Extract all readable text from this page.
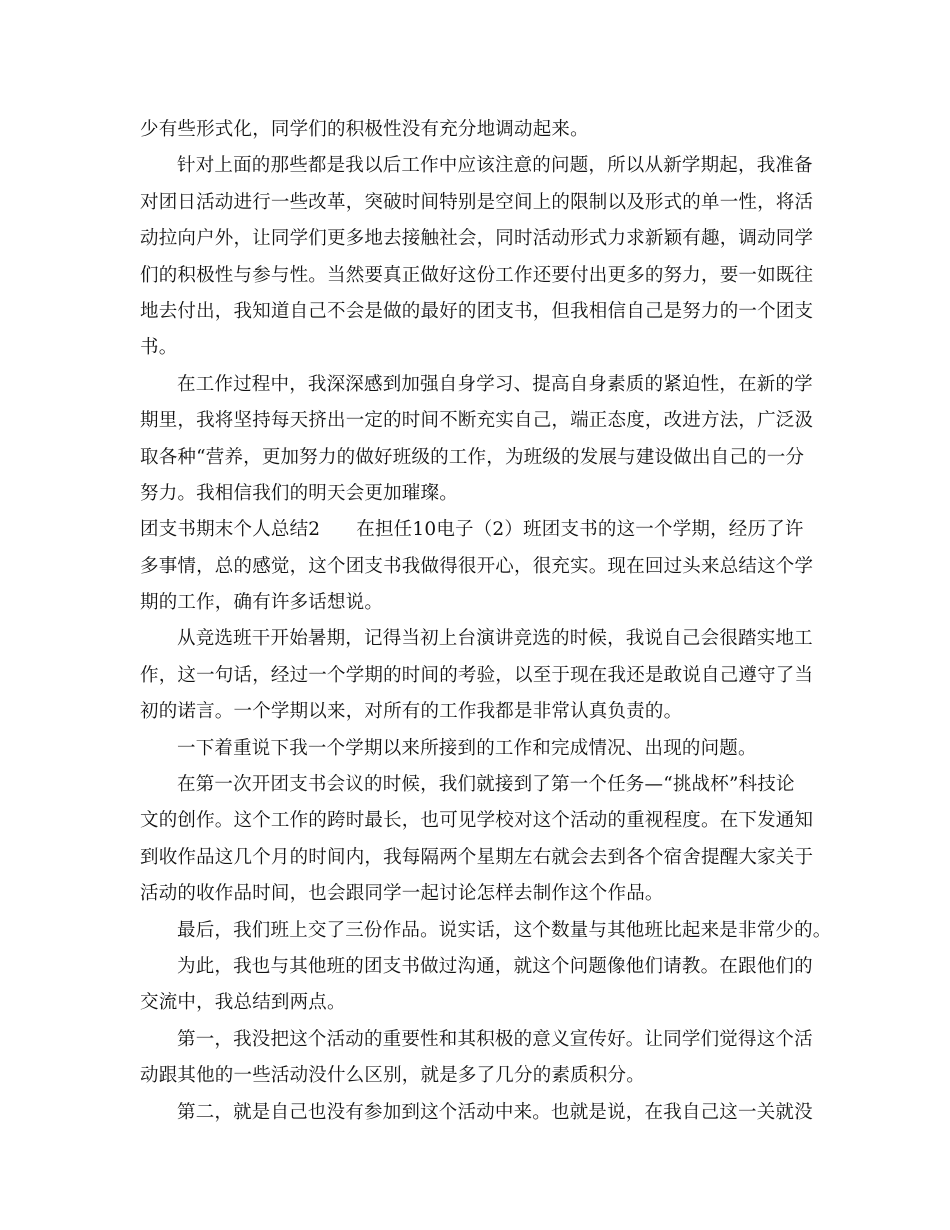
少有些形式化，同学们的积极性没有充分地调动起来。
针对上面的那些都是我以后工作中应该注意的问题，所以从新学期起，我准备
对团日活动进行一些改革，突破时间特别是空间上的限制以及形式的单一性，将活
动拉向户外，让同学们更多地去接触社会，同时活动形式力求新颖有趣，调动同学
们的积极性与参与性。当然要真正做好这份工作还要付出更多的努力，要一如既往
地去付出，我知道自己不会是做的最好的团支书，但我相信自己是努力的一个团支
书。
在工作过程中，我深深感到加强自身学习、提高自身素质的紧迫性，在新的学
期里，我将坚持每天挤出一定的时间不断充实自己，端正态度，改进方法，广泛汲
取各种“营养，更加努力的做好班级的工作，为班级的发展与建设做出自己的一分
努力。我相信我们的明天会更加璀璨。
团支书期末个人总结2 在担任10电子（2）班团支书的这一个学期，经历了许
多事情，总的感觉，这个团支书我做得很开心，很充实。现在回过头来总结这个学
期的工作，确有许多话想说。
从竞选班干开始暑期，记得当初上台演讲竞选的时候，我说自己会很踏实地工
作，这一句话，经过一个学期的时间的考验，以至于现在我还是敢说自己遵守了当
初的诺言。一个学期以来，对所有的工作我都是非常认真负责的。
一下着重说下我一个学期以来所接到的工作和完成情况、出现的问题。
在第一次开团支书会议的时候，我们就接到了第一个任务—“挑战杯”科技论
文的创作。这个工作的跨时最长，也可见学校对这个活动的重视程度。在下发通知
到收作品这几个月的时间内，我每隔两个星期左右就会去到各个宿舍提醒大家关于
活动的收作品时间，也会跟同学一起讨论怎样去制作这个作品。
最后，我们班上交了三份作品。说实话，这个数量与其他班比起来是非常少的。
为此，我也与其他班的团支书做过沟通，就这个问题像他们请教。在跟他们的
交流中，我总结到两点。
第一，我没把这个活动的重要性和其积极的意义宣传好。让同学们觉得这个活
动跟其他的一些活动没什么区别，就是多了几分的素质积分。
第二，就是自己也没有参加到这个活动中来。也就是说，在我自己这一关就没
